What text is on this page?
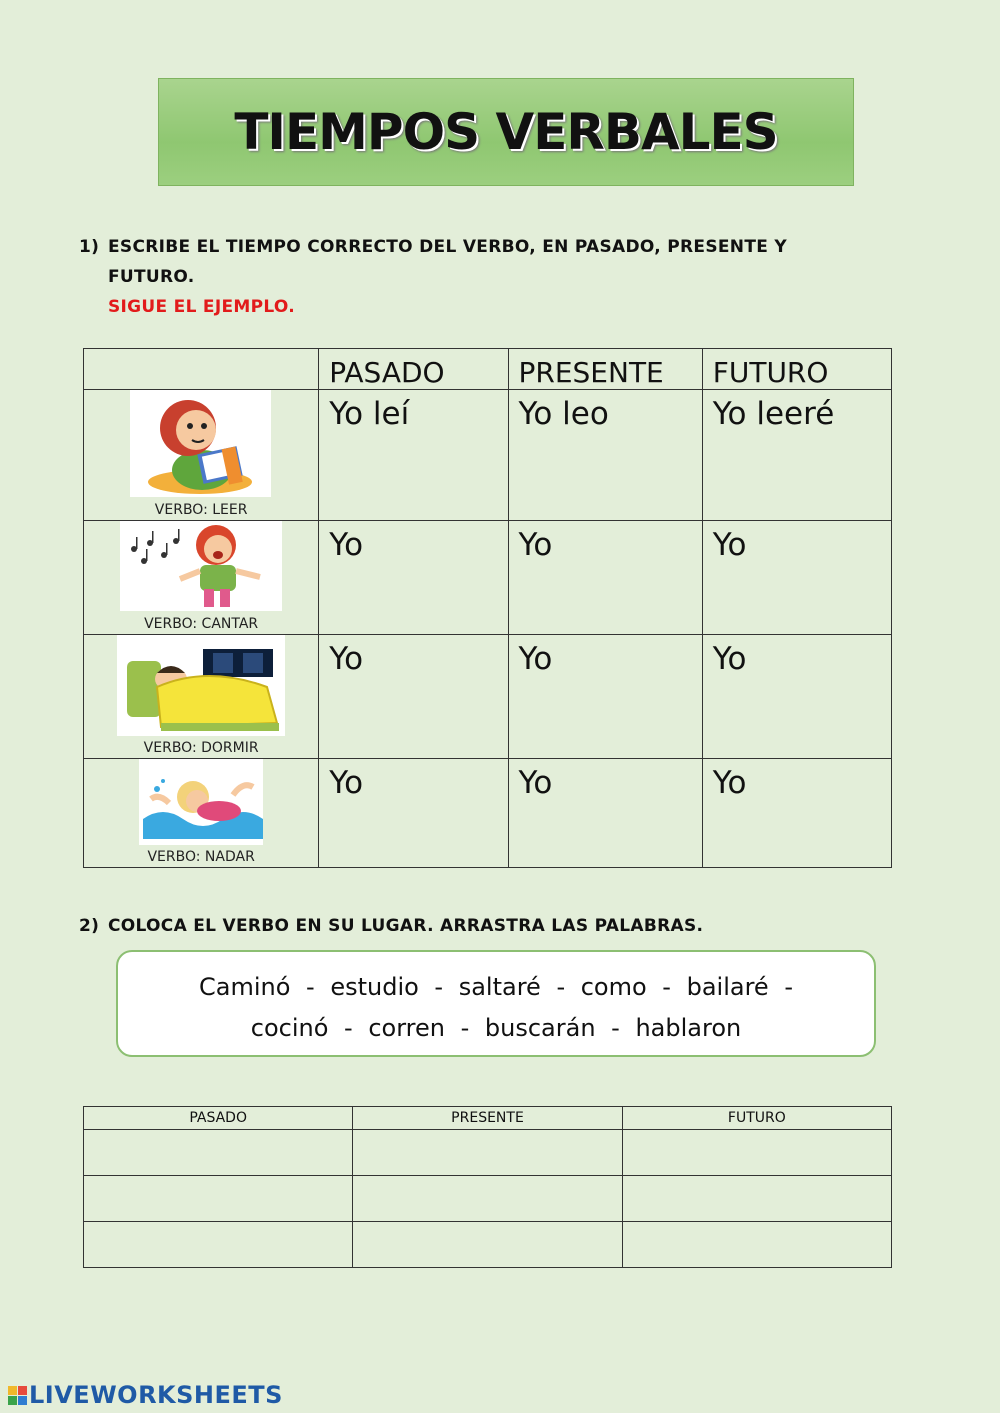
TIEMPOS VERBALES
1) ESCRIBE EL TIEMPO CORRECTO DEL VERBO, EN PASADO, PRESENTE Y
FUTURO.
SIGUE EL EJEMPLO.
	PASADO	PRESENTE	FUTURO

VERBO: LEER	Yo leí	Yo leo	Yo leeré

VERBO: CANTAR	Yo	Yo	Yo

VERBO: DORMIR	Yo	Yo	Yo

VERBO: NADAR	Yo	Yo	Yo
2) COLOCA EL VERBO EN SU LUGAR. ARRASTRA LAS PALABRAS.
Caminó - estudio - saltaré - como - bailaré -
cocinó - corren - buscarán - hablaron
PASADO	PRESENTE	FUTURO

LIVEWORKSHEETS
